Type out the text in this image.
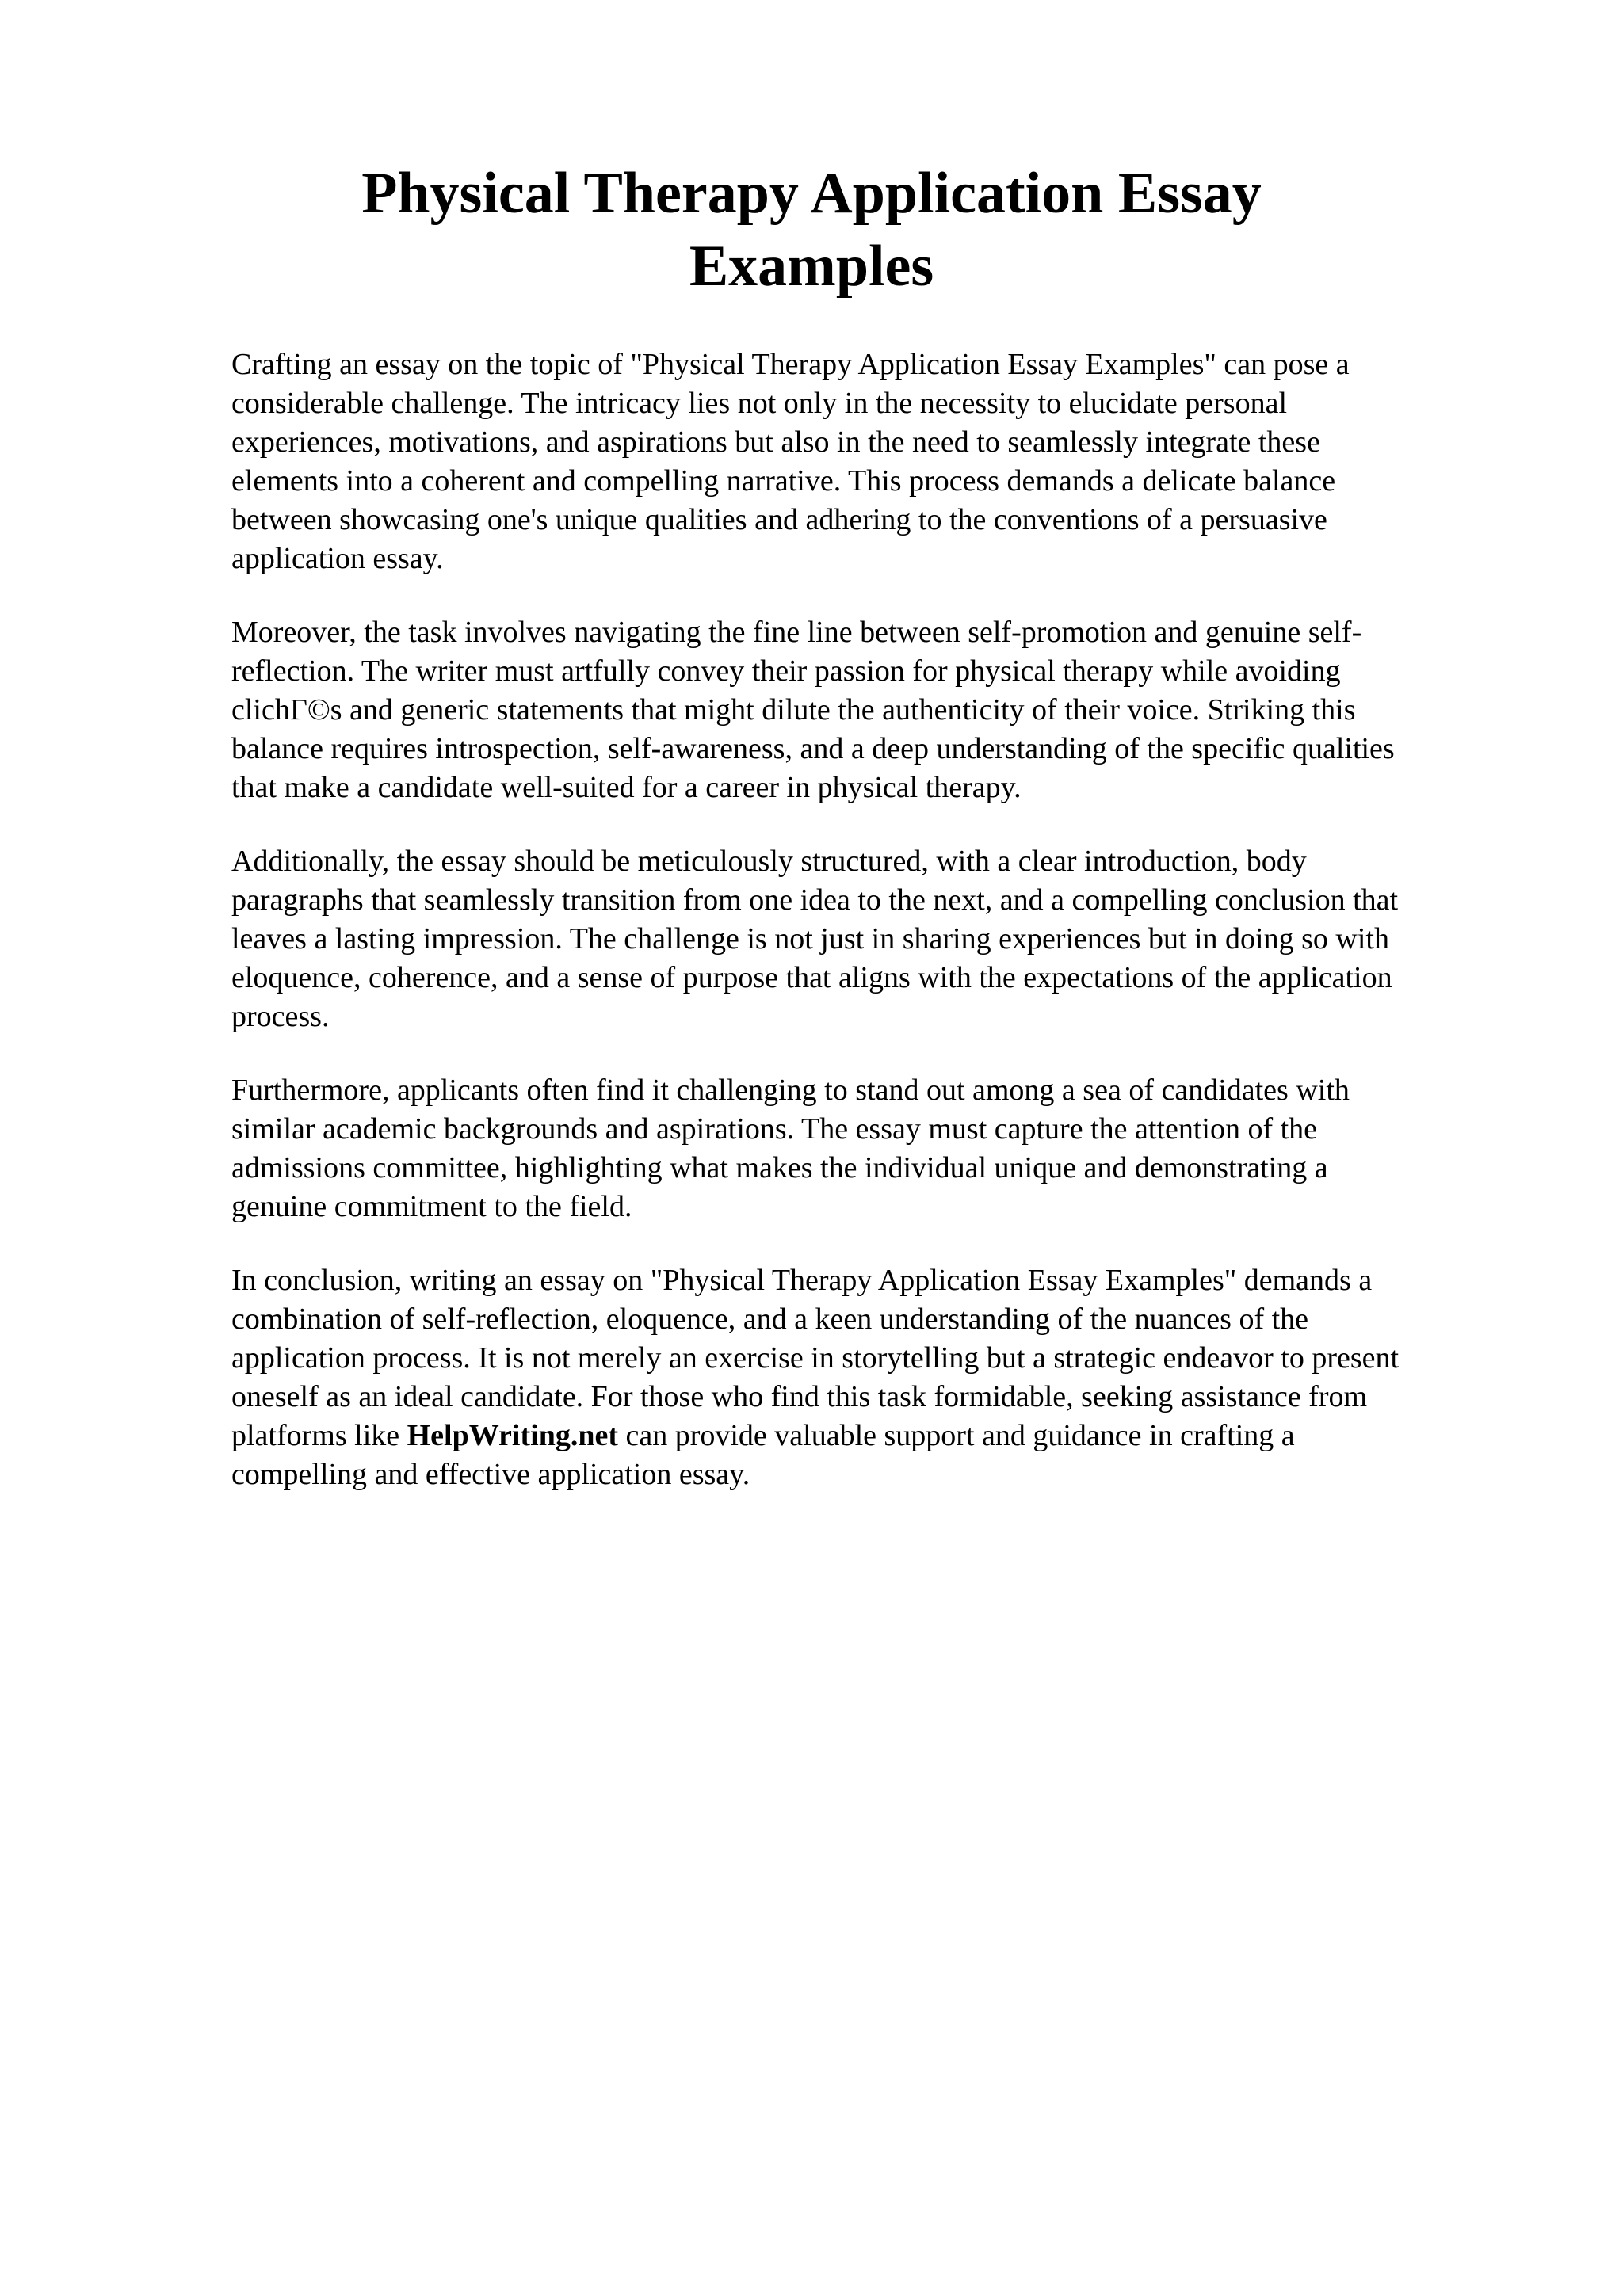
Physical Therapy Application Essay
Examples

Crafting an essay on the topic of "Physical Therapy Application Essay Examples" can pose a
considerable challenge. The intricacy lies not only in the necessity to elucidate personal
experiences, motivations, and aspirations but also in the need to seamlessly integrate these
elements into a coherent and compelling narrative. This process demands a delicate balance
between showcasing one's unique qualities and adhering to the conventions of a persuasive
application essay.

Moreover, the task involves navigating the fine line between self-promotion and genuine self-
reflection. The writer must artfully convey their passion for physical therapy while avoiding
clichΓ©s and generic statements that might dilute the authenticity of their voice. Striking this
balance requires introspection, self-awareness, and a deep understanding of the specific qualities
that make a candidate well-suited for a career in physical therapy.

Additionally, the essay should be meticulously structured, with a clear introduction, body
paragraphs that seamlessly transition from one idea to the next, and a compelling conclusion that
leaves a lasting impression. The challenge is not just in sharing experiences but in doing so with
eloquence, coherence, and a sense of purpose that aligns with the expectations of the application
process.

Furthermore, applicants often find it challenging to stand out among a sea of candidates with
similar academic backgrounds and aspirations. The essay must capture the attention of the
admissions committee, highlighting what makes the individual unique and demonstrating a
genuine commitment to the field.

In conclusion, writing an essay on "Physical Therapy Application Essay Examples" demands a
combination of self-reflection, eloquence, and a keen understanding of the nuances of the
application process. It is not merely an exercise in storytelling but a strategic endeavor to present
oneself as an ideal candidate. For those who find this task formidable, seeking assistance from
platforms like HelpWriting.net can provide valuable support and guidance in crafting a
compelling and effective application essay.
